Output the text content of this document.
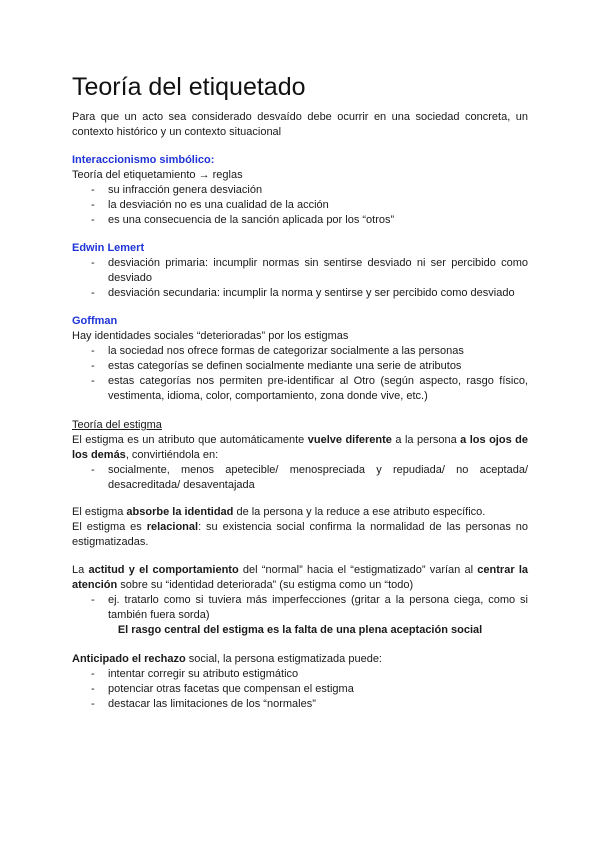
Teoría del etiquetado
Para que un acto sea considerado desvaído debe ocurrir en una sociedad concreta, un contexto histórico y un contexto situacional
Interaccionismo simbólico:
Teoría del etiquetamiento → reglas
- su infracción genera desviación
- la desviación no es una cualidad de la acción
- es una consecuencia de la sanción aplicada por los “otros”
Edwin Lemert
- desviación primaria: incumplir normas sin sentirse desviado ni ser percibido como desviado
- desviación secundaria: incumplir la norma y sentirse y ser percibido como desviado
Goffman
Hay identidades sociales “deterioradas” por los estigmas
- la sociedad nos ofrece formas de categorizar socialmente a las personas
- estas categorías se definen socialmente mediante una serie de atributos
- estas categorías nos permiten pre-identificar al Otro (según aspecto, rasgo físico, vestimenta, idioma, color, comportamiento, zona donde vive, etc.)
Teoría del estigma
El estigma es un atributo que automáticamente vuelve diferente a la persona a los ojos de los demás, convirtiéndola en:
- socialmente, menos apetecible/ menospreciada y repudiada/ no aceptada/ desacreditada/ desaventajada
El estigma absorbe la identidad de la persona y la reduce a ese atributo específico.
El estigma es relacional: su existencia social confirma la normalidad de las personas no estigmatizadas.
La actitud y el comportamiento del “normal” hacia el “estigmatizado” varían al centrar la atención sobre su “identidad deteriorada” (su estigma como un “todo)
- ej. tratarlo como si tuviera más imperfecciones (gritar a la persona ciega, como si también fuera sorda)
El rasgo central del estigma es la falta de una plena aceptación social
Anticipado el rechazo social, la persona estigmatizada puede:
- intentar corregir su atributo estigmático
- potenciar otras facetas que compensan el estigma
- destacar las limitaciones de los “normales”
